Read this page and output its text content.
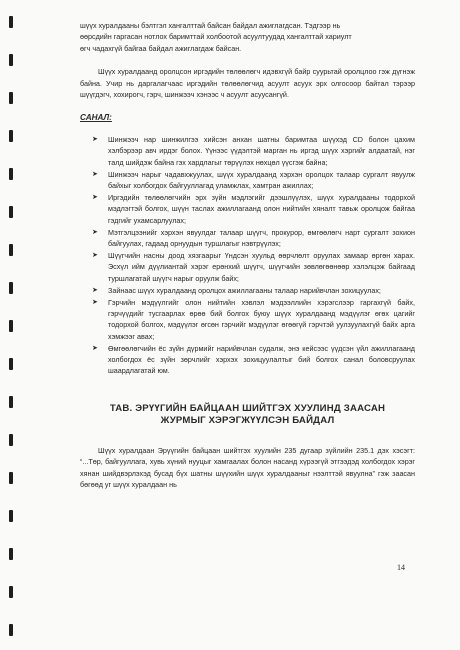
шүүх хуралдааны бэлтгэл хангалттай байсан байдал ажиглагдсан. Тэдгээр нь
өөрсдийн гаргасан нотлох баримттай холбоотой асуултуудад хангалттай хариулт
өгч чадахгүй байгаа байдал ажиглагдаж байсан.

Шүүх хуралдаанд оролцсон иргэдийн төлөөлөгч идэвхгүй байр суурьтай оролцлоо гэж дүгнэж байна. Учир нь даргалагчаас иргэдийн төлөөлөгчид асуулт асуух эрх олгосоор байтал тэрээр шүүгдэгч, хохирогч, гэрч, шинжээч хэнээс ч асуулт асуусангүй.

САНАЛ:
➤ Шинжээч нар шинжилгээ хийсэн анхан шатны баримтаа шүүхэд CD болон цахим хэлбэрээр авч ирдэг болох. Үүнээс үүдэлтэй марган нь иргэд шүүх хэргийг алдаатай, нэг талд шийдэж байна гэх хардлагыг төрүүлэх нөхцөл үүсгэж байна;
➤ Шинжээч нарыг чадавхжуулах, шүүх хуралдаанд хэрхэн оролцох талаар сургалт явуулж байхыг холбогдох байгууллагад уламжлах, хамтран ажиллах;
➤ Иргэдийн төлөөлөгчийн эрх зүйн мэдлэгийг дээшлүүлэх, шүүх хуралдааны тодорхой мэдлэгтэй болгох, шүүн таслах ажиллагаанд олон нийтийн хяналт тавьж оролцож байгаа гэдгийг ухамсарлуулах;
➤ Мэтгэлцээнийг хэрхэн явуулдаг талаар шүүгч, прокурор, өмгөөлөгч нарт сургалт зохион байгуулах, гадаад орнуудын туршлагыг нэвтрүүлэх;
➤ Шүүгчийн насны доод хязгаарыг Үндсэн хуульд өөрчлөлт оруулах замаар өргөн харах. Эсхүл ийм дүүлиантай хэрэг ерөнхий шүүгч, шүүгчийн зөвлөгөөнөөр хэлэлцэж байгаад туршлагатай шүүгч нарыг оруулж байх;
➤ Зайнаас шүүх хуралдаанд оролцох ажиллагааны талаар нарийвчлан зохицуулах;
➤ Гэрчийн мэдүүлгийг олон нийтийн хэвлэл мэдээллийн хэрэгслээр гаргахгүй байх, гэрчүүдийг тусгаарлах өрөө бий болгох буюу шүүх хуралдаанд мэдүүлэг өгөх цагийг тодорхой болгох, мэдүүлэг өгсөн гэрчийг мэдүүлэг өгөөгүй гэрчтэй уулзуулахгүй байх арга хэмжээг авах;
➤ Өмгөөлөгчийн ёс зүйн дүрмийг нарийвчлан судалж, энэ кейсээс үүдсэн үйл ажиллагаанд холбогдох ёс зүйн зөрчлийг хэрхэх зохицуулалтыг бий болгох санал боловсруулах шаардлагатай юм.
ТАВ. ЭРҮҮГИЙН БАЙЦААН ШИЙТГЭХ ХУУЛИНД ЗААСАН
ЖУРМЫГ ХЭРЭГЖҮҮЛСЭН БАЙДАЛ

Шүүх хуралдаан Эрүүгийн байцаан шийтгэх хуулийн 235 дугаар зүйлийн 235.1 дэх хэсэгт: “...Төр, байгууллага, хувь хүний нууцыг хамгаалах болон насанд хүрээгүй этгээдэд холбогдох хэрэг хянан шийдвэрлэхэд бусад бүх шатны шүүхийн шүүх хуралдааныг нээлттэй явуулна” гэж заасан бөгөөд уг шүүх хуралдаан нь

14
